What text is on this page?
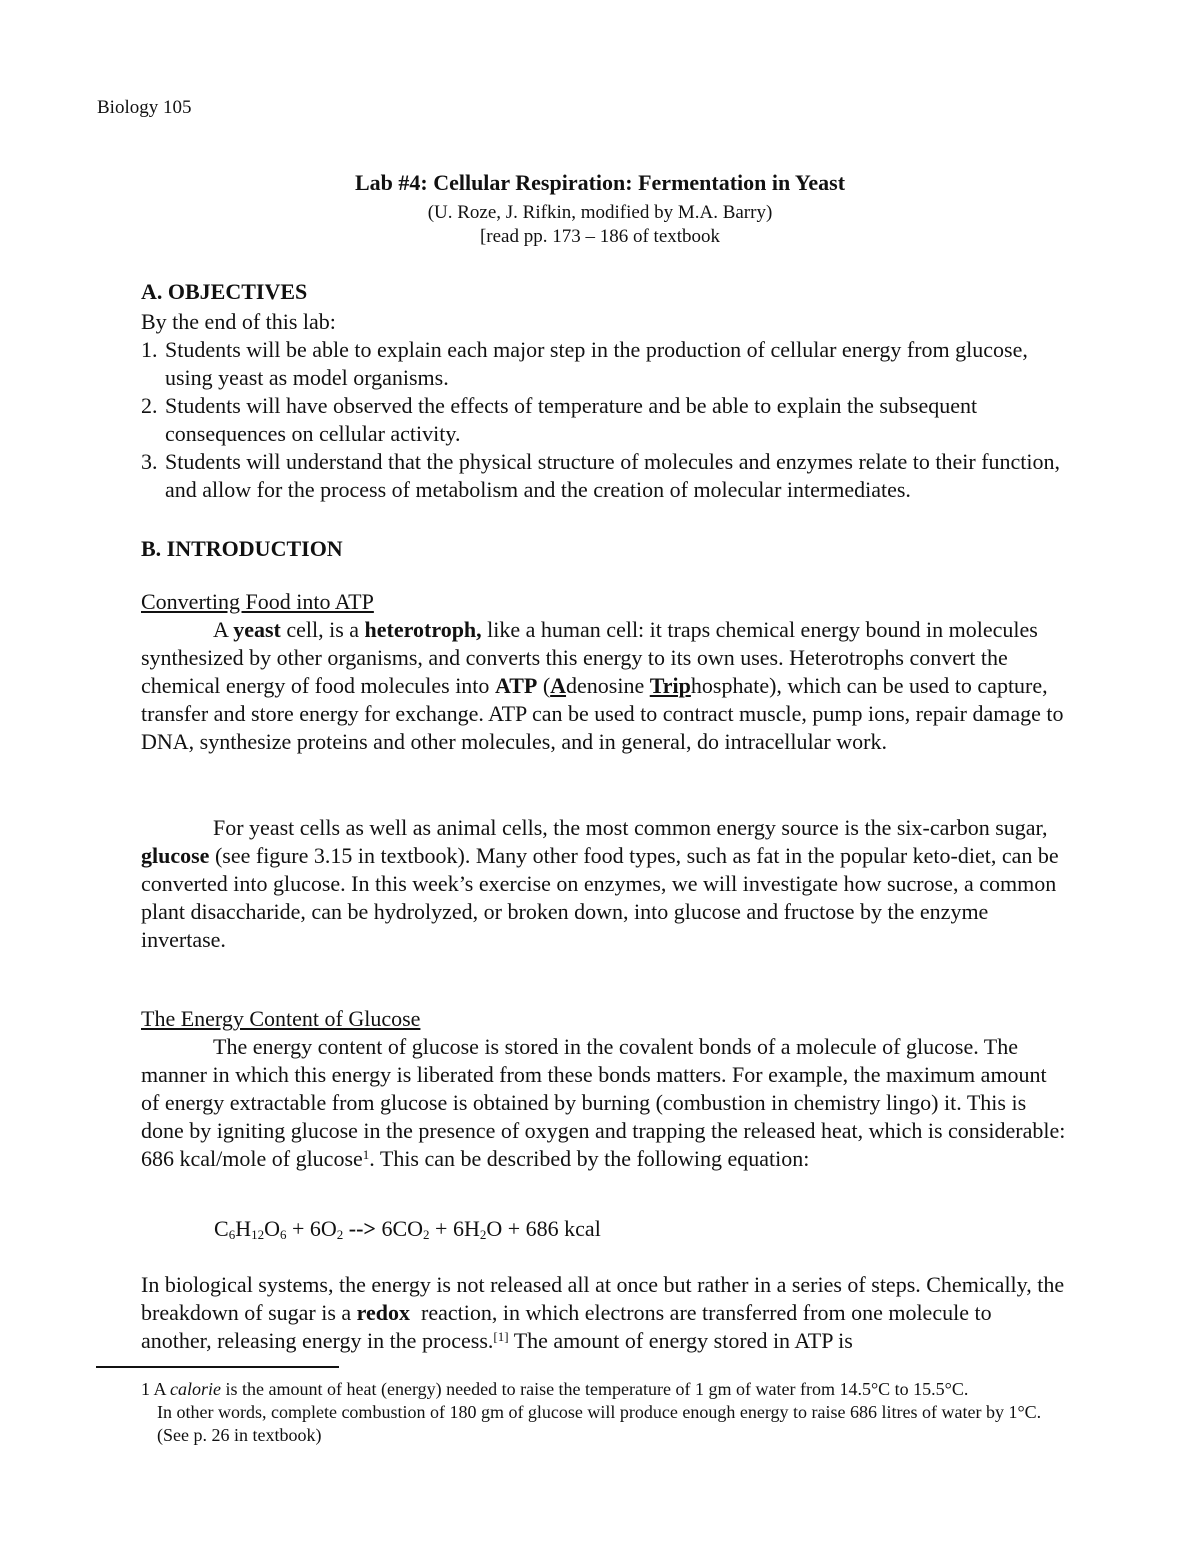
Biology 105
Lab #4: Cellular Respiration: Fermentation in Yeast
(U. Roze, J. Rifkin, modified by M.A. Barry)
[read pp. 173 – 186 of textbook
A. OBJECTIVES
By the end of this lab:
1. Students will be able to explain each major step in the production of cellular energy from glucose, using yeast as model organisms.
2. Students will have observed the effects of temperature and be able to explain the subsequent consequences on cellular activity.
3. Students will understand that the physical structure of molecules and enzymes relate to their function, and allow for the process of metabolism and the creation of molecular intermediates.
B. INTRODUCTION
Converting Food into ATP
A yeast cell, is a heterotroph, like a human cell: it traps chemical energy bound in molecules synthesized by other organisms, and converts this energy to its own uses. Heterotrophs convert the chemical energy of food molecules into ATP (Adenosine Triphosphate), which can be used to capture, transfer and store energy for exchange. ATP can be used to contract muscle, pump ions, repair damage to DNA, synthesize proteins and other molecules, and in general, do intracellular work.
For yeast cells as well as animal cells, the most common energy source is the six-carbon sugar, glucose (see figure 3.15 in textbook). Many other food types, such as fat in the popular keto-diet, can be converted into glucose. In this week’s exercise on enzymes, we will investigate how sucrose, a common plant disaccharide, can be hydrolyzed, or broken down, into glucose and fructose by the enzyme invertase.
The Energy Content of Glucose
The energy content of glucose is stored in the covalent bonds of a molecule of glucose. The manner in which this energy is liberated from these bonds matters. For example, the maximum amount of energy extractable from glucose is obtained by burning (combustion in chemistry lingo) it. This is done by igniting glucose in the presence of oxygen and trapping the released heat, which is considerable: 686 kcal/mole of glucose$^1$. This can be described by the following equation:
$C_6H_{12}O_6 + 6O_2$ --> $6CO_2 + 6H_2O + 686$ kcal
In biological systems, the energy is not released all at once but rather in a series of steps. Chemically, the breakdown of sugar is a redox  reaction, in which electrons are transferred from one molecule to another, releasing energy in the process.[1] The amount of energy stored in ATP is
1 A calorie is the amount of heat (energy) needed to raise the temperature of 1 gm of water from 14.5°C to 15.5°C.
In other words, complete combustion of 180 gm of glucose will produce enough energy to raise 686 litres of water by 1°C. (See p. 26 in textbook)
